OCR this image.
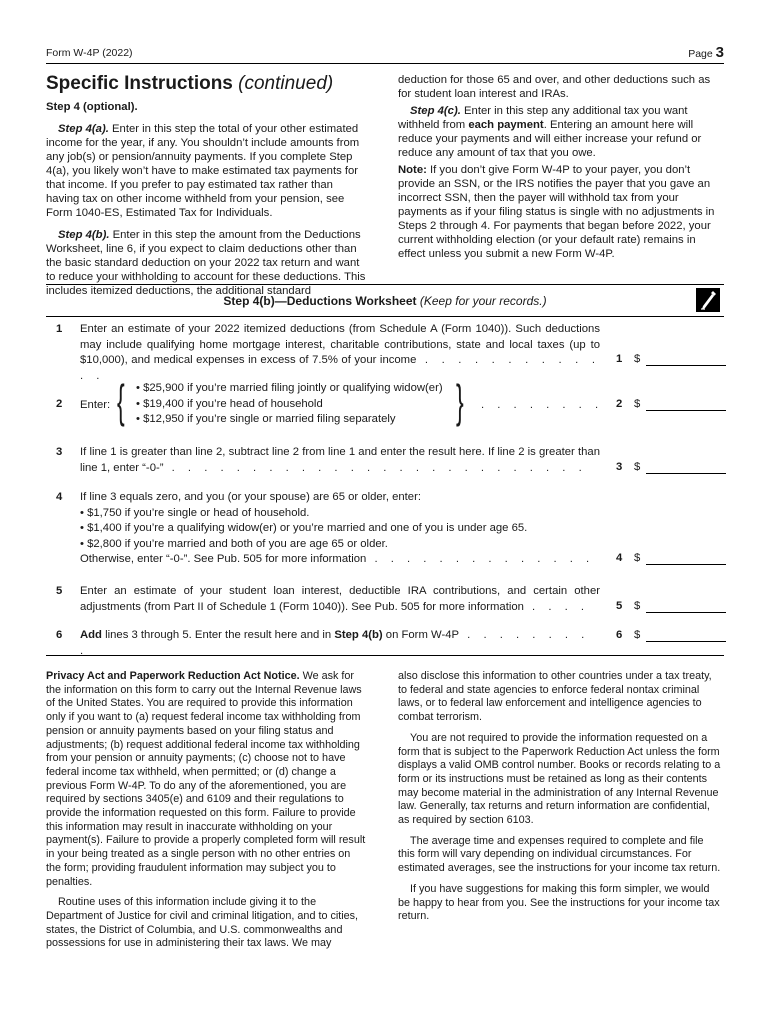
Form W-4P (2022)	Page 3
Specific Instructions (continued)

Step 4 (optional).

Step 4(a). Enter in this step the total of your other estimated income for the year, if any. You shouldn’t include amounts from any job(s) or pension/annuity payments. If you complete Step 4(a), you likely won’t have to make estimated tax payments for that income. If you prefer to pay estimated tax rather than having tax on other income withheld from your pension, see Form 1040-ES, Estimated Tax for Individuals.

Step 4(b). Enter in this step the amount from the Deductions Worksheet, line 6, if you expect to claim deductions other than the basic standard deduction on your 2022 tax return and want to reduce your withholding to account for these deductions. This includes itemized deductions, the additional standard

deduction for those 65 and over, and other deductions such as for student loan interest and IRAs.

Step 4(c). Enter in this step any additional tax you want withheld from each payment. Entering an amount here will reduce your payments and will either increase your refund or reduce any amount of tax that you owe.

Note: If you don’t give Form W-4P to your payer, you don’t provide an SSN, or the IRS notifies the payer that you gave an incorrect SSN, then the payer will withhold tax from your payments as if your filing status is single with no adjustments in Steps 2 through 4. For payments that began before 2022, your current withholding election (or your default rate) remains in effect unless you submit a new Form W-4P.

Step 4(b)—Deductions Worksheet (Keep for your records.)
1 Enter an estimate of your 2022 itemized deductions (from Schedule A (Form 1040)). Such deductions may include qualifying home mortgage interest, charitable contributions, state and local taxes (up to $10,000), and medical expenses in excess of 7.5% of your income . . . . . . . . . . . . .
1 $
2 Enter: { • $25,900 if you’re married filing jointly or qualifying widow(er)
• $19,400 if you’re head of household
• $12,950 if you’re single or married filing separately	} . . . . . . . . 2 $
3 If line 1 is greater than line 2, subtract line 2 from line 1 and enter the result here. If line 2 is greater than line 1, enter “-0-” . . . . . . . . . . . . . . . . . . . . . . . . . .	3 $
4 If line 3 equals zero, and you (or your spouse) are 65 or older, enter:
• $1,750 if you’re single or head of household.
• $1,400 if you’re a qualifying widow(er) or you’re married and one of you is under age 65.
• $2,800 if you’re married and both of you are age 65 or older.
Otherwise, enter “-0-”. See Pub. 505 for more information . . . . . . . . . . . . . .	4 $
5 Enter an estimate of your student loan interest, deductible IRA contributions, and certain other adjustments (from Part II of Schedule 1 (Form 1040)). See Pub. 505 for more information . . . .	5 $
6 Add lines 3 through 5. Enter the result here and in Step 4(b) on Form W-4P . . . . . . . . .
6 $

Privacy Act and Paperwork Reduction Act Notice. We ask for the information on this form to carry out the Internal Revenue laws of the United States. You are required to provide this information only if you want to (a) request federal income tax withholding from pension or annuity payments based on your filing status and adjustments; (b) request additional federal income tax withholding from your pension or annuity payments; (c) choose not to have federal income tax withheld, when permitted; or (d) change a previous Form W-4P. To do any of the aforementioned, you are required by sections 3405(e) and 6109 and their regulations to provide the information requested on this form. Failure to provide this information may result in inaccurate withholding on your payment(s). Failure to provide a properly completed form will result in your being treated as a single person with no other entries on the form; providing fraudulent information may subject you to penalties.

Routine uses of this information include giving it to the Department of Justice for civil and criminal litigation, and to cities, states, the District of Columbia, and U.S. commonwealths and possessions for use in administering their tax laws. We may

also disclose this information to other countries under a tax treaty, to federal and state agencies to enforce federal nontax criminal laws, or to federal law enforcement and intelligence agencies to combat terrorism.

You are not required to provide the information requested on a form that is subject to the Paperwork Reduction Act unless the form displays a valid OMB control number. Books or records relating to a form or its instructions must be retained as long as their contents may become material in the administration of any Internal Revenue law. Generally, tax returns and return information are confidential, as required by section 6103.

The average time and expenses required to complete and file this form will vary depending on individual circumstances. For estimated averages, see the instructions for your income tax return.

If you have suggestions for making this form simpler, we would be happy to hear from you. See the instructions for your income tax return.
